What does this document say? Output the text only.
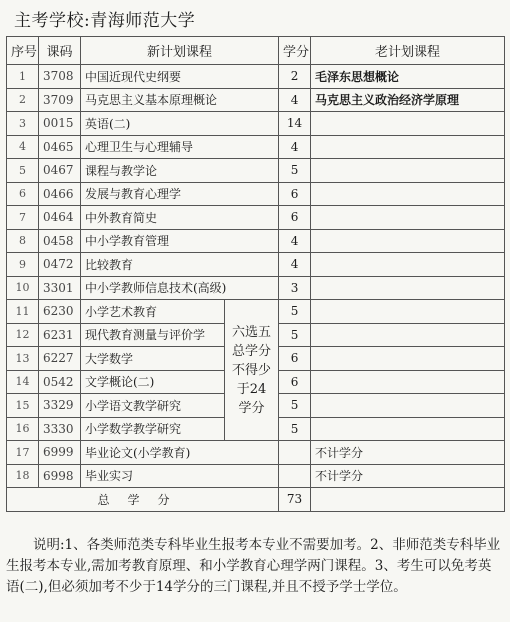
主考学校:青海师范大学
序号	课码	新计划课程		学分	老计划课程
1	3708	中国近现代史纲要		2	毛泽东思想概论
2	3709	马克思主义基本原理概论		4	马克思主义政治经济学原理
3	0015	英语(二)		14	
4	0465	心理卫生与心理辅导		4	
5	0467	课程与教学论		5	
6	0466	发展与教育心理学		6	
7	0464	中外教育简史		6	
8	0458	中小学教育管理		4	
9	0472	比较教育		4	
10	3301	中小学教师信息技术(高级)		3	
11	6230	小学艺术教育	六选五总学分不得少于24学分	5	
12	6231	现代教育测量与评价学		5	
13	6227	大学数学		6	
14	0542	文学概论(二)		6	
15	3329	小学语文教学研究		5	
16	3330	小学数学教学研究		5	
17	6999	毕业论文(小学教育)			不计学分
18	6998	毕业实习			不计学分
总学分				73	

说明:1、各类师范类专科毕业生报考本专业不需要加考。2、非师范类专科毕业生报考本专业,需加考教育原理、和小学教育心理学两门课程。3、考生可以免考英语(二),但必须加考不少于14学分的三门课程,并且不授予学士学位。
